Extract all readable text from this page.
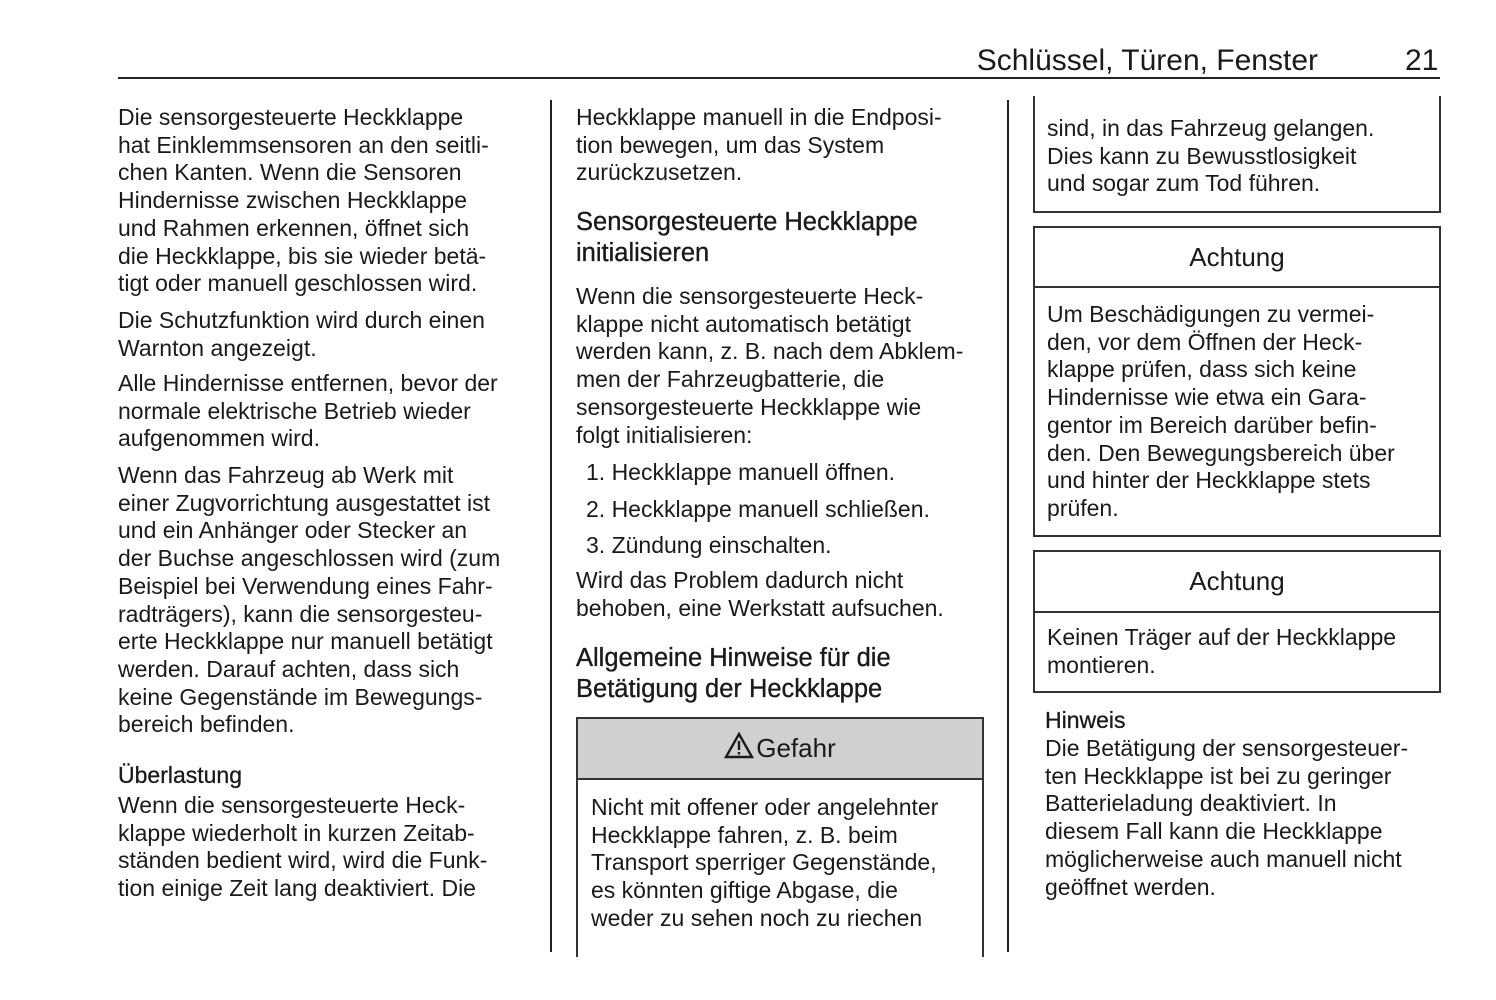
Schlüssel, Türen, Fenster	21
Die sensorgesteuerte Heckklappe
hat Einklemmsensoren an den seitli-
chen Kanten. Wenn die Sensoren
Hindernisse zwischen Heckklappe
und Rahmen erkennen, öffnet sich
die Heckklappe, bis sie wieder betä-
tigt oder manuell geschlossen wird.
Die Schutzfunktion wird durch einen
Warnton angezeigt.
Alle Hindernisse entfernen, bevor der
normale elektrische Betrieb wieder
aufgenommen wird.
Wenn das Fahrzeug ab Werk mit
einer Zugvorrichtung ausgestattet ist
und ein Anhänger oder Stecker an
der Buchse angeschlossen wird (zum
Beispiel bei Verwendung eines Fahr-
radträgers), kann die sensorgesteu-
erte Heckklappe nur manuell betätigt
werden. Darauf achten, dass sich
keine Gegenstände im Bewegungs-
bereich befinden.
Überlastung
Wenn die sensorgesteuerte Heck-
klappe wiederholt in kurzen Zeitab-
ständen bedient wird, wird die Funk-
tion einige Zeit lang deaktiviert. Die
Heckklappe manuell in die Endposi-
tion bewegen, um das System
zurückzusetzen.
Sensorgesteuerte Heckklappe
initialisieren
Wenn die sensorgesteuerte Heck-
klappe nicht automatisch betätigt
werden kann, z. B. nach dem Abklem-
men der Fahrzeugbatterie, die
sensorgesteuerte Heckklappe wie
folgt initialisieren:
1. Heckklappe manuell öffnen.
2. Heckklappe manuell schließen.
3. Zündung einschalten.
Wird das Problem dadurch nicht
behoben, eine Werkstatt aufsuchen.
Allgemeine Hinweise für die
Betätigung der Heckklappe
Gefahr
Nicht mit offener oder angelehnter
Heckklappe fahren, z. B. beim
Transport sperriger Gegenstände,
es könnten giftige Abgase, die
weder zu sehen noch zu riechen
sind, in das Fahrzeug gelangen.
Dies kann zu Bewusstlosigkeit
und sogar zum Tod führen.
Achtung
Um Beschädigungen zu vermei-
den, vor dem Öffnen der Heck-
klappe prüfen, dass sich keine
Hindernisse wie etwa ein Gara-
gentor im Bereich darüber befin-
den. Den Bewegungsbereich über
und hinter der Heckklappe stets
prüfen.
Achtung
Keinen Träger auf der Heckklappe
montieren.
Hinweis
Die Betätigung der sensorgesteuer-
ten Heckklappe ist bei zu geringer
Batterieladung deaktiviert. In
diesem Fall kann die Heckklappe
möglicherweise auch manuell nicht
geöffnet werden.
